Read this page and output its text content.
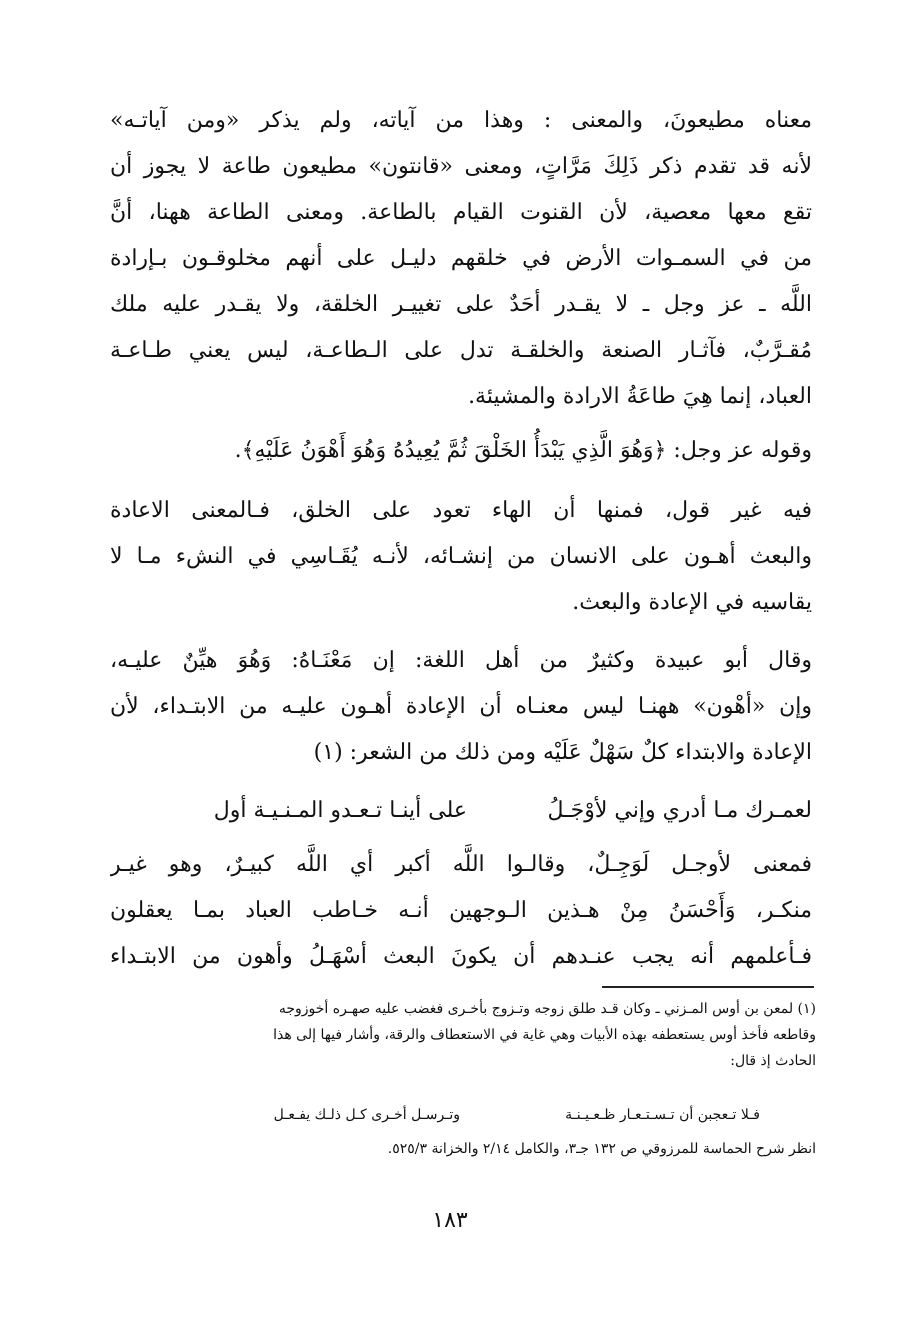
معناه مطيعونَ، والمعنى : وهذا من آياته، ولم يذكر «ومن آياتـه»
لأنه قد تقدم ذكر ذَلِكَ مَرَّاتٍ، ومعنى «قانتون» مطيعون طاعة لا يجوز أن
تقع معها معصية، لأن القنوت القيام بالطاعة. ومعنى الطاعة ههنا، أنَّ
من في السمـوات الأرض في خلقهم دليـل على أنهم مخلوقـون بـإرادة
اللَّه ـ عز وجل ـ لا يقـدر أحَدٌ على تغييـر الخلقة، ولا يقـدر عليه ملك
مُقـرَّبٌ، فآثـار الصنعة والخلقـة تدل على الـطاعـة، ليس يعني طـاعـة
العباد، إنما هِيَ طاعَةُ الارادة والمشيئة.
وقوله عز وجل: ﴿وَهُوَ الَّذِي يَبْدَأُ الخَلْقَ ثُمَّ يُعِيدُهُ وَهُوَ أَهْوَنُ عَلَيْهِ﴾.
فيه غير قول، فمنها أن الهاء تعود على الخلق، فـالمعنى الاعادة
والبعث أهـون على الانسان من إنشـائه، لأنـه يُقَـاسِي في النشء مـا لا
يقاسيه في الإعادة والبعث.
وقال أبو عبيدة وكثيرٌ من أهل اللغة: إن مَعْنَـاهُ: وَهُوَ هيِّنٌ عليـه،
وإن «أهْون» ههنـا ليس معنـاه أن الإعادة أهـون عليـه من الابتـداء، لأن
الإعادة والابتداء كلٌ سَهْلٌ عَلَيْه ومن ذلك من الشعر: (١)
لعمـرك مـا أدري وإني لأوْجَـلُ
على أينـا تـعـدو المـنـيـة أول
فمعنى لأوجـل لَوَجِـلٌ، وقالـوا اللَّه أكبر أي اللَّه كبيـرٌ، وهو غيـر
منكـر، وَأَحْسَنُ مِنْ هـذين الـوجهين أنـه خـاطب العباد بمـا يعقلون
فـأعلمهم أنه يجب عنـدهم أن يكونَ البعث أسْهَـلُ وأهون من الابتـداء
(١) لمعن بن أوس المـزني ـ وكان قـد طلق زوجه وتـزوج بأخـرى فغضب عليه صهـره أخوزوجه
وقاطعه فأخذ أوس يستعطفه بهذه الأبيات وهي غاية في الاستعطاف والرقة، وأشار فيها إلى هذا
الحادث إذ قال:
فـلا تـعجبن أن تـسـتـعـار ظـعـيـنـة
وتـرسـل أخـرى كـل ذلـك يفـعـل
انظر شرح الحماسة للمرزوقي ص ١٣٢ جـ٣، والكامل ٢/١٤ والخزانة ٥٢٥/٣.
١٨٣
